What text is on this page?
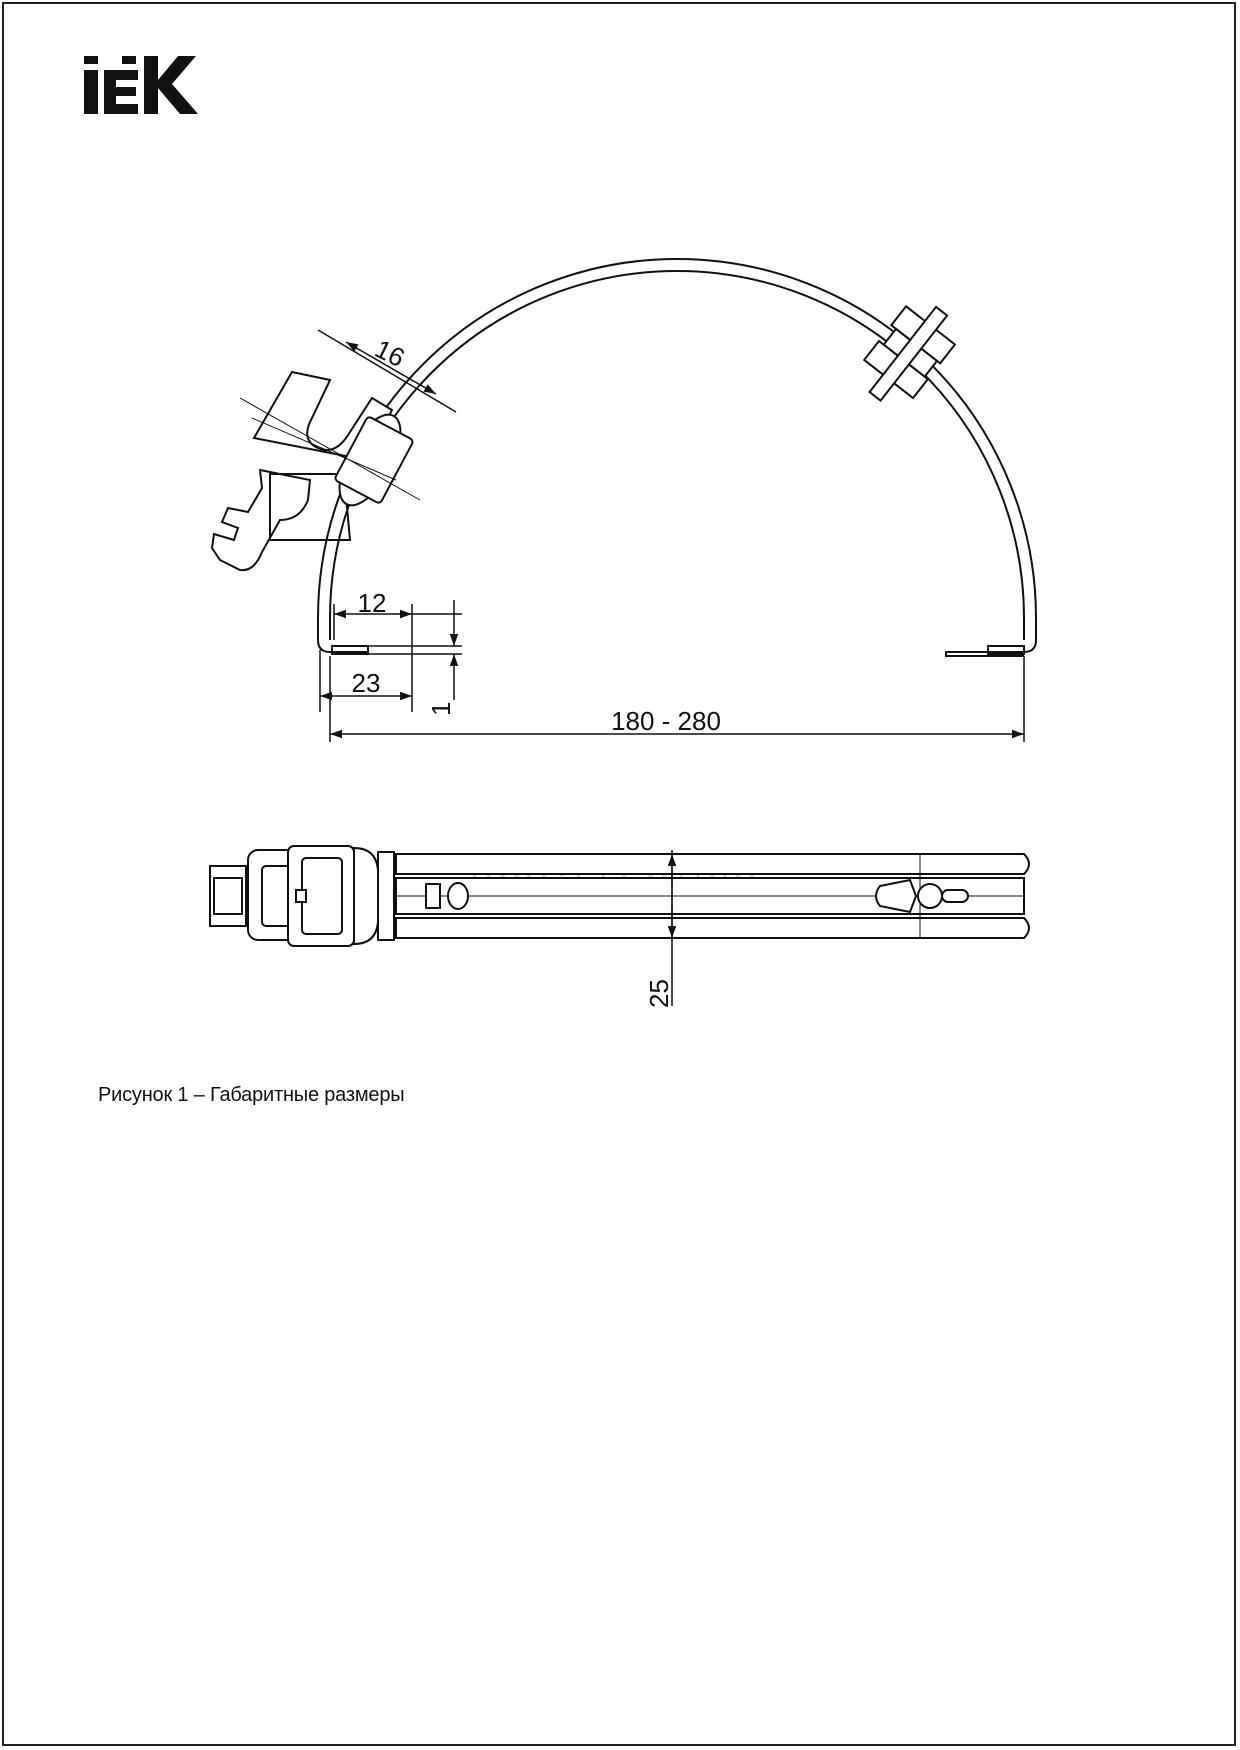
16
12
1
23
180 - 280
25
Рисунок 1 – Габаритные размеры
